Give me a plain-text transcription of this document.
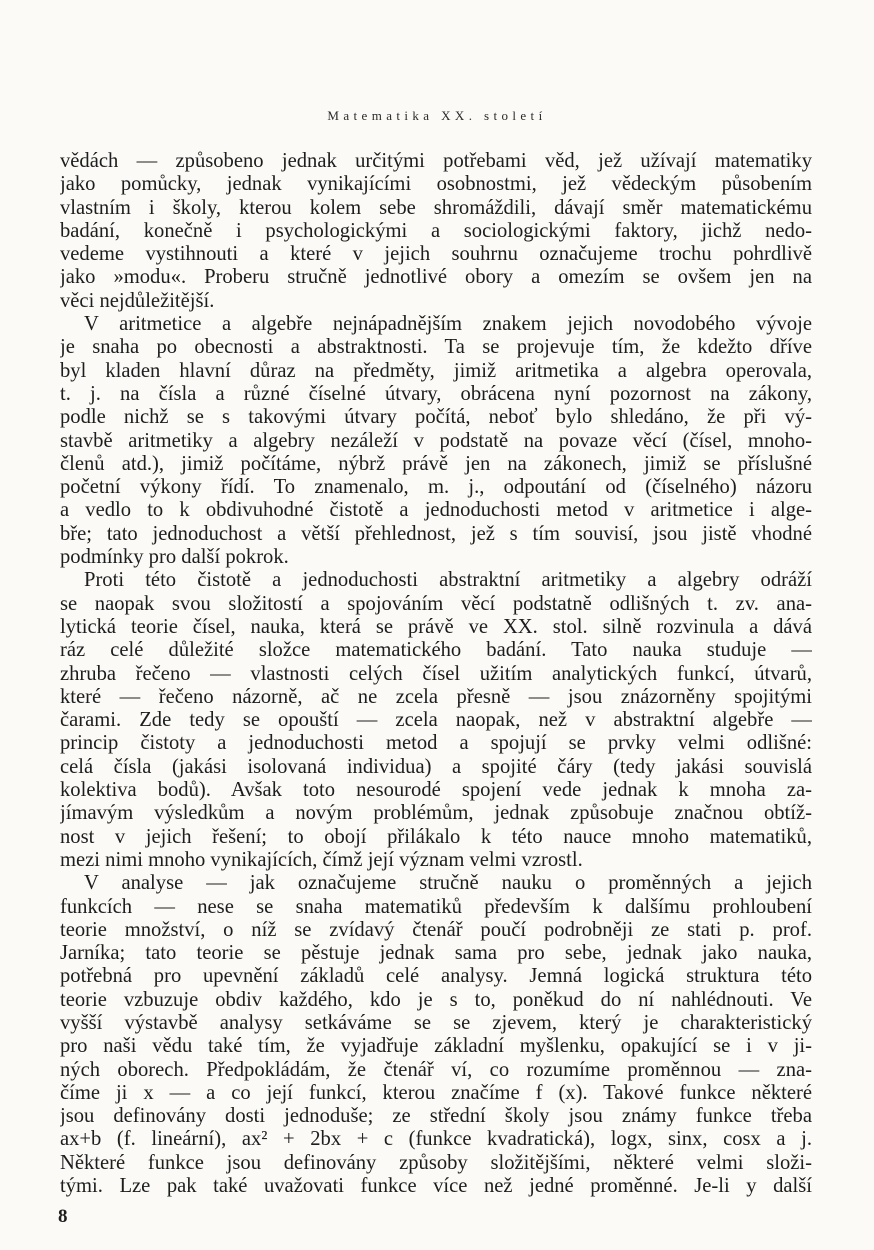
Matematika XX. století
vědách — způsobeno jednak určitými potřebami věd, jež užívají matematiky
jako pomůcky, jednak vynikajícími osobnostmi, jež vědeckým působením
vlastním i školy, kterou kolem sebe shromáždili, dávají směr matematickému
badání, konečně i psychologickými a sociologickými faktory, jichž nedo-
vedeme vystihnouti a které v jejich souhrnu označujeme trochu pohrdlivě
jako »modu«. Proberu stručně jednotlivé obory a omezím se ovšem jen na
věci nejdůležitější.
V aritmetice a algebře nejnápadnějším znakem jejich novodobého vývoje
je snaha po obecnosti a abstraktnosti. Ta se projevuje tím, že kdežto dříve
byl kladen hlavní důraz na předměty, jimiž aritmetika a algebra operovala,
t. j. na čísla a různé číselné útvary, obrácena nyní pozornost na zákony,
podle nichž se s takovými útvary počítá, neboť bylo shledáno, že při vý-
stavbě aritmetiky a algebry nezáleží v podstatě na povaze věcí (čísel, mnoho-
členů atd.), jimiž počítáme, nýbrž právě jen na zákonech, jimiž se příslušné
početní výkony řídí. To znamenalo, m. j., odpoutání od (číselného) názoru
a vedlo to k obdivuhodné čistotě a jednoduchosti metod v aritmetice i alge-
bře; tato jednoduchost a větší přehlednost, jež s tím souvisí, jsou jistě vhodné
podmínky pro další pokrok.
Proti této čistotě a jednoduchosti abstraktní aritmetiky a algebry odráží
se naopak svou složitostí a spojováním věcí podstatně odlišných t. zv. ana-
lytická teorie čísel, nauka, která se právě ve XX. stol. silně rozvinula a dává
ráz celé důležité složce matematického badání. Tato nauka studuje —
zhruba řečeno — vlastnosti celých čísel užitím analytických funkcí, útvarů,
které — řečeno názorně, ač ne zcela přesně — jsou znázorněny spojitými
čarami. Zde tedy se opouští — zcela naopak, než v abstraktní algebře —
princip čistoty a jednoduchosti metod a spojují se prvky velmi odlišné:
celá čísla (jakási isolovaná individua) a spojité čáry (tedy jakási souvislá
kolektiva bodů). Avšak toto nesourodé spojení vede jednak k mnoha za-
jímavým výsledkům a novým problémům, jednak způsobuje značnou obtíž-
nost v jejich řešení; to obojí přilákalo k této nauce mnoho matematiků,
mezi nimi mnoho vynikajících, čímž její význam velmi vzrostl.
V analyse — jak označujeme stručně nauku o proměnných a jejich
funkcích — nese se snaha matematiků především k dalšímu prohloubení
teorie množství, o níž se zvídavý čtenář poučí podrobněji ze stati p. prof.
Jarníka; tato teorie se pěstuje jednak sama pro sebe, jednak jako nauka,
potřebná pro upevnění základů celé analysy. Jemná logická struktura této
teorie vzbuzuje obdiv každého, kdo je s to, poněkud do ní nahlédnouti. Ve
vyšší výstavbě analysy setkáváme se se zjevem, který je charakteristický
pro naši vědu také tím, že vyjadřuje základní myšlenku, opakující se i v ji-
ných oborech. Předpokládám, že čtenář ví, co rozumíme proměnnou — zna-
číme ji x — a co její funkcí, kterou značíme f (x). Takové funkce některé
jsou definovány dosti jednoduše; ze střední školy jsou známy funkce třeba
ax+b (f. lineární), ax² + 2bx + c (funkce kvadratická), logx, sinx, cosx a j.
Některé funkce jsou definovány způsoby složitějšími, některé velmi složi-
tými. Lze pak také uvažovati funkce více než jedné proměnné. Je-li y další
8
